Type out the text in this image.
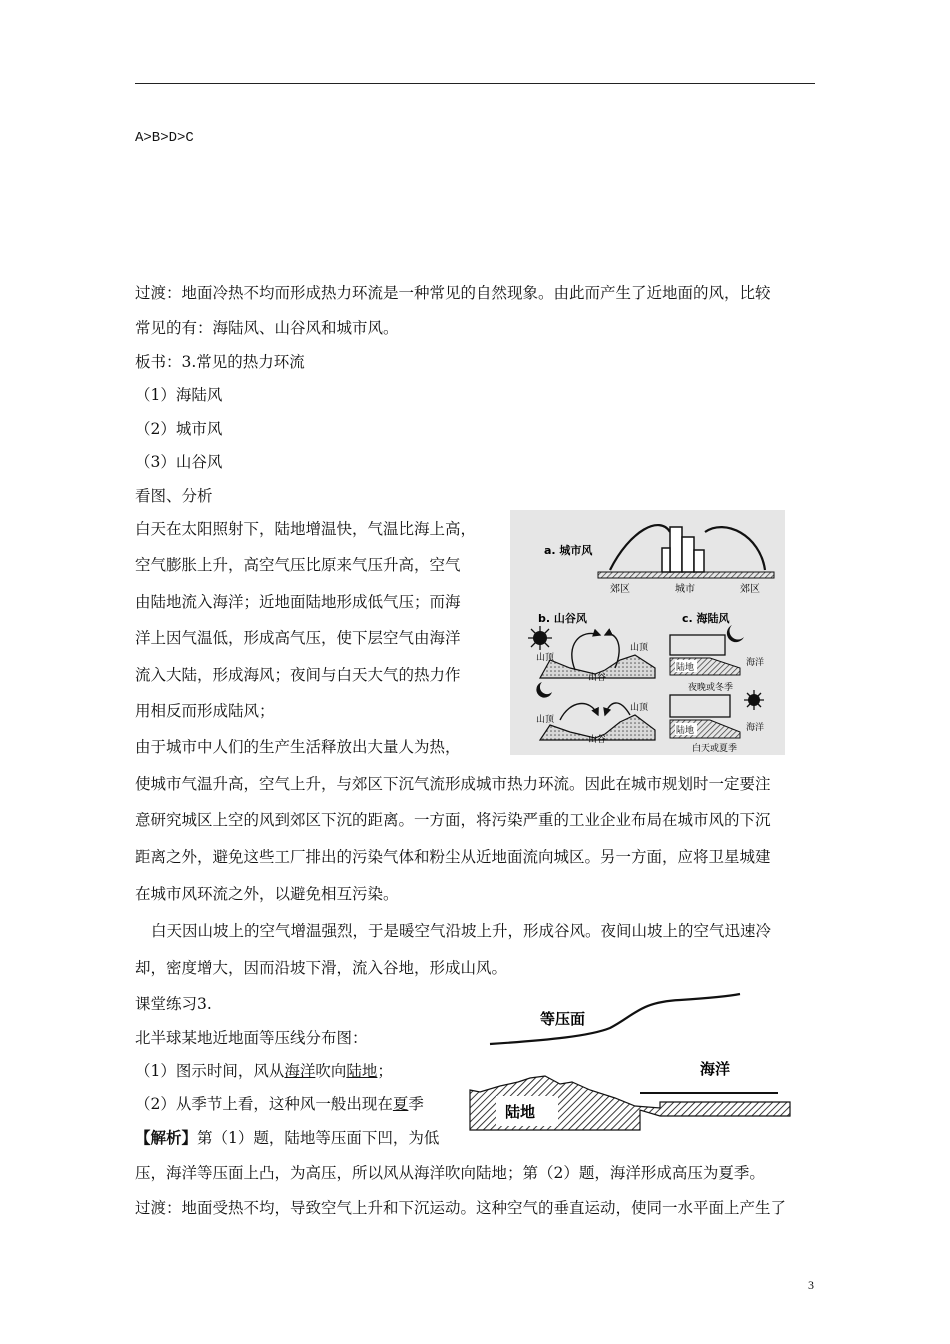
A>B>D>C
过渡：地面冷热不均而形成热力环流是一种常见的自然现象。由此而产生了近地面的风，比较
常见的有：海陆风、山谷风和城市风。
板书：3.常见的热力环流
（1）海陆风
（2）城市风
（3）山谷风
看图、分析
白天在太阳照射下，陆地增温快，气温比海上高，
空气膨胀上升，高空气压比原来气压升高，空气
由陆地流入海洋；近地面陆地形成低气压；而海
洋上因气温低，形成高气压，使下层空气由海洋
流入大陆，形成海风；夜间与白天大气的热力作
用相反而形成陆风；
由于城市中人们的生产生活释放出大量人为热，
使城市气温升高，空气上升，与郊区下沉气流形成城市热力环流。因此在城市规划时一定要注
意研究城区上空的风到郊区下沉的距离。一方面，将污染严重的工业企业布局在城市风的下沉
距离之外，避免这些工厂排出的污染气体和粉尘从近地面流向城区。另一方面，应将卫星城建
在城市风环流之外，以避免相互污染。
白天因山坡上的空气增温强烈，于是暖空气沿坡上升，形成谷风。夜间山坡上的空气迅速冷
却，密度增大，因而沿坡下滑，流入谷地，形成山风。
课堂练习3.
北半球某地近地面等压线分布图：
（1）图示时间，风从海洋吹向陆地；
（2）从季节上看，这种风一般出现在夏季
【解析】第（1）题，陆地等压面下凹，为低
压，海洋等压面上凸，为高压，所以风从海洋吹向陆地；第（2）题，海洋形成高压为夏季。
过渡：地面受热不均，导致空气上升和下沉运动。这种空气的垂直运动，使同一水平面上产生了
3
a. 城市风
郊区	城市	郊区
b. 山谷风
山顶
山顶
山谷
山顶
山顶
山谷
c. 海陆风
陆地	海洋
夜晚或冬季
陆地	海洋
白天或夏季
等压面
海洋
陆地
